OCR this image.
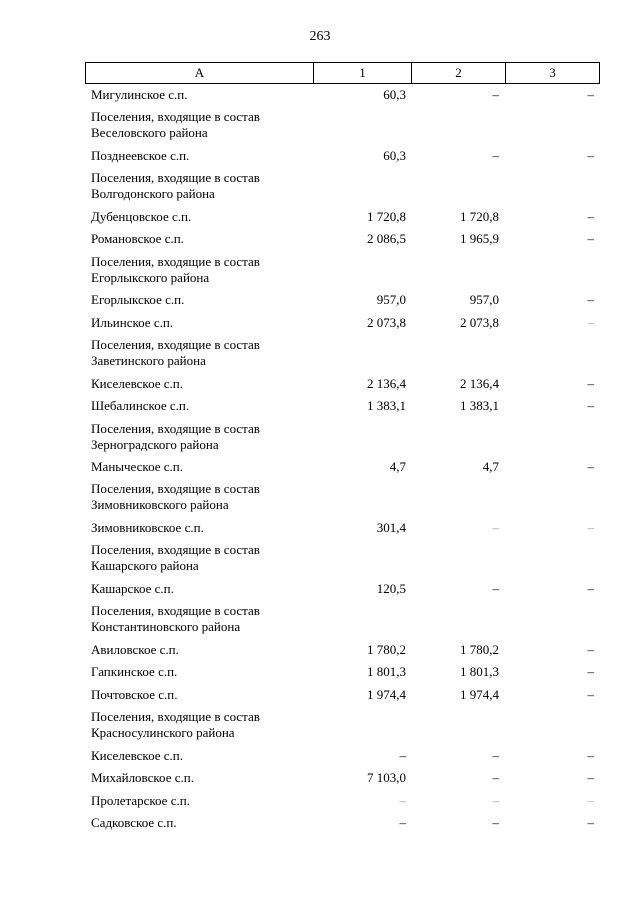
263
А	1	2	3
Мигулинское с.п.	60,3	–	–
Поселения, входящие в состав Веселовского района
Позднеевское с.п.	60,3	–	–
Поселения, входящие в состав Волгодонского района
Дубенцовское с.п.	1 720,8	1 720,8	–
Романовское с.п.	2 086,5	1 965,9	–
Поселения, входящие в состав Егорлыкского района
Егорлыкское с.п.	957,0	957,0	–
Ильинское с.п.	2 073,8	2 073,8	–
Поселения, входящие в состав Заветинского района
Киселевское с.п.	2 136,4	2 136,4	–
Шебалинское с.п.	1 383,1	1 383,1	–
Поселения, входящие в состав Зерноградского района
Маныческое с.п.	4,7	4,7	–
Поселения, входящие в состав Зимовниковского района
Зимовниковское с.п.	301,4	–	–
Поселения, входящие в состав Кашарского района
Кашарское с.п.	120,5	–	–
Поселения, входящие в состав Константиновского района
Авиловское с.п.	1 780,2	1 780,2	–
Гапкинское с.п.	1 801,3	1 801,3	–
Почтовское с.п.	1 974,4	1 974,4	–
Поселения, входящие в состав Красносулинского района
Киселевское с.п.	–	–	–
Михайловское с.п.	7 103,0	–	–
Пролетарское с.п.	–	–	–
Садковское с.п.	–	–	–
